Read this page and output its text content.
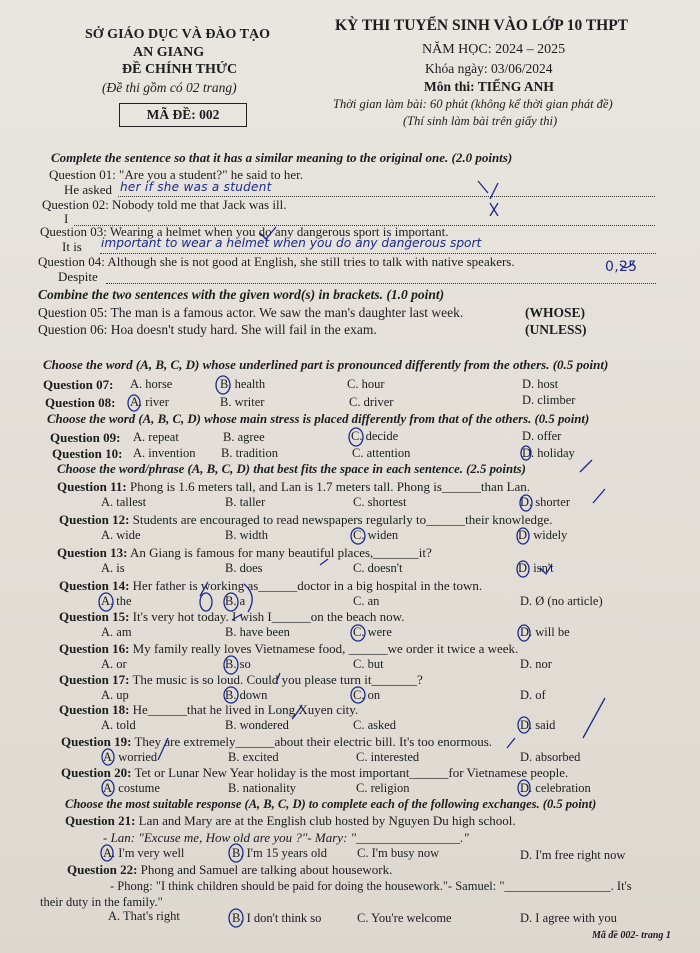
SỞ GIÁO DỤC VÀ ĐÀO TẠO
AN GIANG
ĐỀ CHÍNH THỨC
(Đề thi gồm có 02 trang)
MÃ ĐỀ: 002
KỲ THI TUYỂN SINH VÀO LỚP 10 THPT
NĂM HỌC: 2024 – 2025
Khóa ngày: 03/06/2024
Môn thi: TIẾNG ANH
Thời gian làm bài: 60 phút (không kể thời gian phát đề)
(Thí sinh làm bài trên giấy thi)
Complete the sentence so that it has a similar meaning to the original one. (2.0 points)
Question 01: "Are you a student?" he said to her.
He asked her if she was a student
Question 02: Nobody told me that Jack was ill.
I
Question 03: Wearing a helmet when you do any dangerous sport is important.
It is important to wear a helmet when you do any dangerous sport
Question 04: Although she is not good at English, she still tries to talk with native speakers.
Despite
0,25
Combine the two sentences with the given word(s) in brackets. (1.0 point)
Question 05: The man is a famous actor. We saw the man's daughter last week.	(WHOSE)
Question 06: Hoa doesn't study hard. She will fail in the exam.	(UNLESS)
Choose the word (A, B, C, D) whose underlined part is pronounced differently from the others. (0.5 point)
Question 07: A. horse	B. health	C. hour	D. host
Question 08: A. river	B. writer	C. driver	D. climber
Choose the word (A, B, C, D) whose main stress is placed differently from that of the others. (0.5 point)
Question 09: A. repeat	B. agree	C. decide	D. offer
Question 10: A. invention B. tradition	C. attention	D. holiday
Choose the word/phrase (A, B, C, D) that best fits the space in each sentence. (2.5 points)
Question 11: Phong is 1.6 meters tall, and Lan is 1.7 meters tall. Phong is______than Lan.
A. tallest	B. taller	C. shortest	D. shorter
Question 12: Students are encouraged to read newspapers regularly to______their knowledge.
A. wide	B. width	C. widen	D. widely
Question 13: An Giang is famous for many beautiful places,_______it?
A. is	B. does	C. doesn't	D. isn't
Question 14: Her father is working as______doctor in a big hospital in the town.
A. the	B. a	C. an	D. Ø (no article)
Question 15: It's very hot today. I wish I______on the beach now.
A. am	B. have been	C. were	D. will be
Question 16: My family really loves Vietnamese food, ______we order it twice a week.
A. or	B. so	C. but	D. nor
Question 17: The music is so loud. Could you please turn it_______?
A. up	B. down	C. on	D. of
Question 18: He______that he lived in Long Xuyen city.
A. told	B. wondered	C. asked	D. said
Question 19: They are extremely______about their electric bill. It's too enormous.
A. worried	B. excited	C. interested	D. absorbed
Question 20: Tet or Lunar New Year holiday is the most important______for Vietnamese people.
A. costume	B. nationality	C. religion	D. celebration
Choose the most suitable response (A, B, C, D) to complete each of the following exchanges. (0.5 point)
Question 21: Lan and Mary are at the English club hosted by Nguyen Du high school.
- Lan: "Excuse me, How old are you ?"- Mary: "________________."
A. I'm very well	B. I'm 15 years old C. I'm busy now	D. I'm free right now
Question 22: Phong and Samuel are talking about housework.
- Phong: "I think children should be paid for doing the housework."- Samuel: "_________________. It's
their duty in the family."
A. That's right	B. I don't think so	C. You're welcome	D. I agree with you
Mã đề 002- trang 1
